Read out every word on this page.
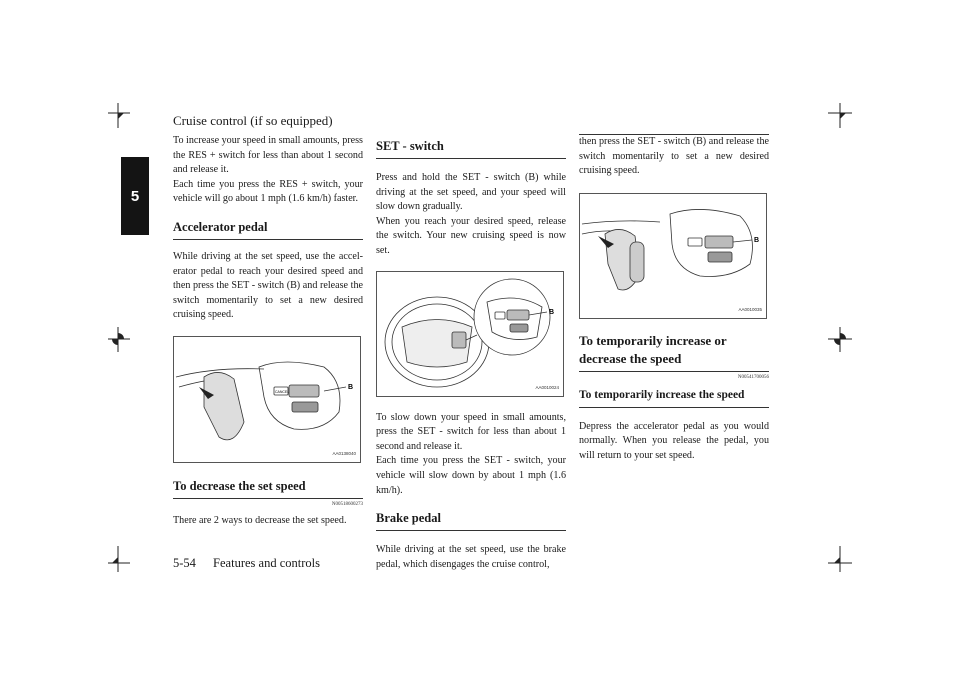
Cruise control (if so equipped)
5

To increase your speed in small amounts, press the RES + switch for less than about 1 second and release it.
Each time you press the RES + switch, your vehicle will go about 1 mph (1.6 km/h) faster.

Accelerator pedal

While driving at the set speed, use the accel-erator pedal to reach your desired speed and then press the SET - switch (B) and release the switch momentarily to set a new desired cruising speed.

B
CANCEL
AA0138040
To decrease the set speed
N00518600273

There are 2 ways to decrease the set speed.

SET - switch

Press and hold the SET - switch (B) while driving at the set speed, and your speed will slow down gradually.
When you reach your desired speed, release the switch. Your new cruising speed is now set.

B
AA0010024

To slow down your speed in small amounts, press the SET - switch for less than about 1 second and release it.
Each time you press the SET - switch, your vehicle will slow down by about 1 mph (1.6 km/h).

Brake pedal

While driving at the set speed, use the brake pedal, which disengages the cruise control,

then press the SET - switch (B) and release the switch momentarily to set a new desired cruising speed.

B
AA0010035
To temporarily increase or decrease the speed
N00541700056
To temporarily increase the speed

Depress the accelerator pedal as you would normally. When you release the pedal, you will return to your set speed.

5-54 Features and controls
